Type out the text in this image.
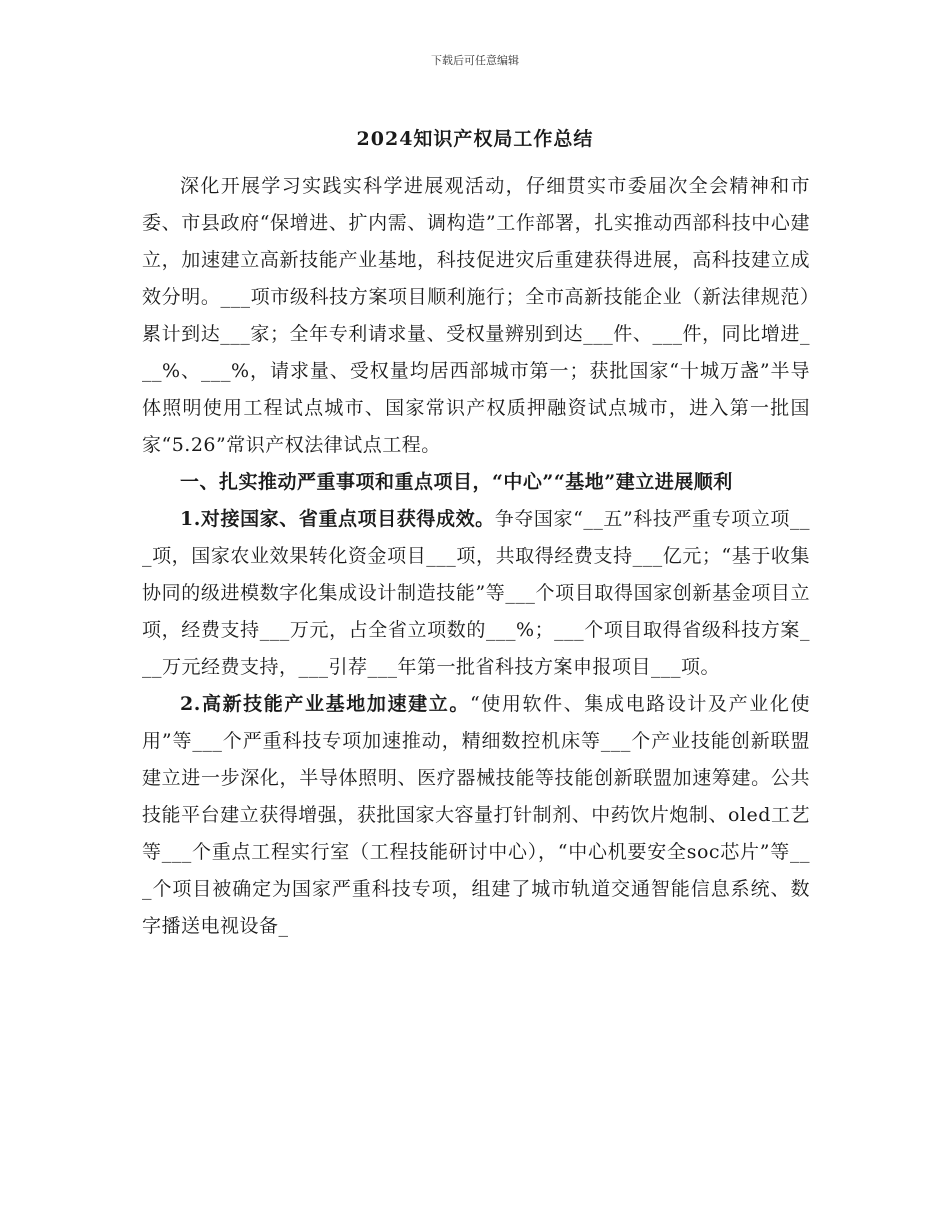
下载后可任意编辑
2024知识产权局工作总结

深化开展学习实践实科学进展观活动，仔细贯实市委届次全会精神和市委、市县政府“保增进、扩内需、调构造”工作部署，扎实推动西部科技中心建立，加速建立高新技能产业基地，科技促进灾后重建获得进展，高科技建立成效分明。___项市级科技方案项目顺利施行；全市高新技能企业（新法律规范）累计到达___家；全年专利请求量、受权量辨别到达___件、___件，同比增进___%、___%，请求量、受权量均居西部城市第一；获批国家“十城万盏”半导体照明使用工程试点城市、国家常识产权质押融资试点城市，进入第一批国家“5.26”常识产权法律试点工程。

一、扎实推动严重事项和重点项目，“中心”“基地”建立进展顺利

1.对接国家、省重点项目获得成效。争夺国家“__五”科技严重专项立项___项，国家农业效果转化资金项目___项，共取得经费支持___亿元；“基于收集协同的级进模数字化集成设计制造技能”等___个项目取得国家创新基金项目立项，经费支持___万元，占全省立项数的___%；___个项目取得省级科技方案___万元经费支持，___引荐___年第一批省科技方案申报项目___项。

2.高新技能产业基地加速建立。“使用软件、集成电路设计及产业化使用”等___个严重科技专项加速推动，精细数控机床等___个产业技能创新联盟建立进一步深化，半导体照明、医疗器械技能等技能创新联盟加速筹建。公共技能平台建立获得增强，获批国家大容量打针制剂、中药饮片炮制、oled工艺等___个重点工程实行室（工程技能研讨中心），“中心机要安全soc芯片”等___个项目被确定为国家严重科技专项，组建了城市轨道交通智能信息系统、数字播送电视设备_
